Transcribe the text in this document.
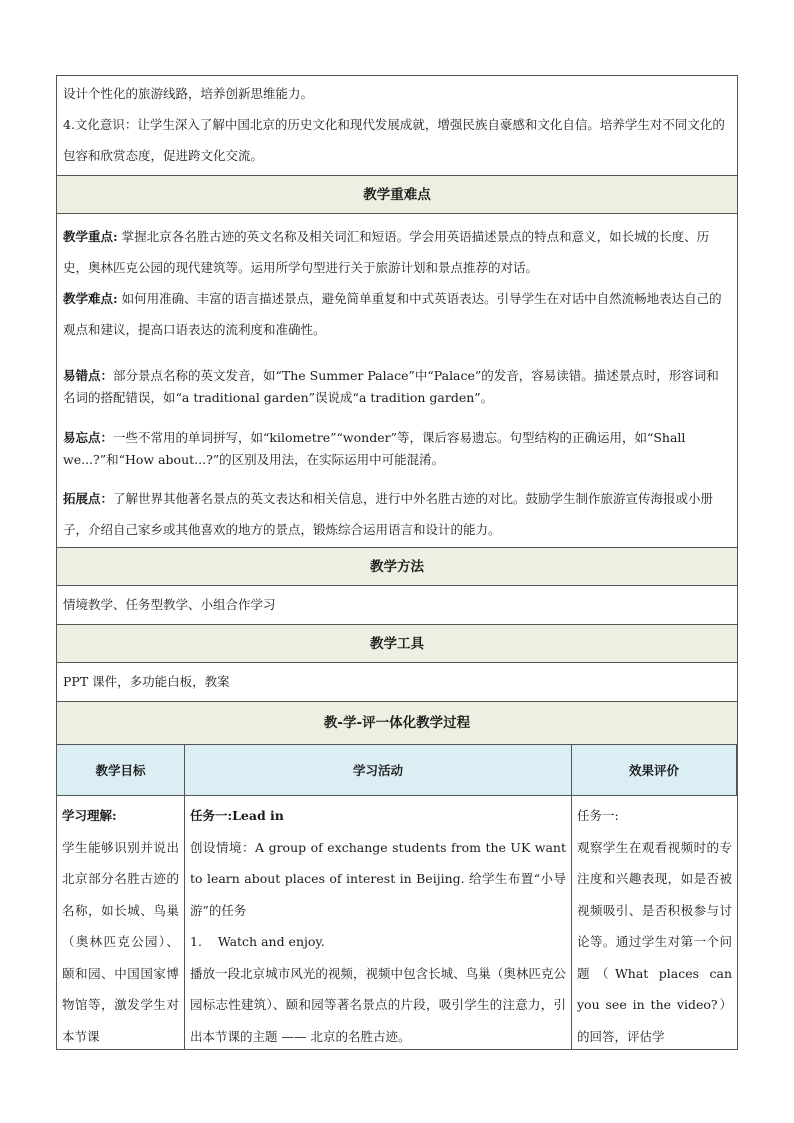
设计个性化的旅游线路，培养创新思维能力。

4.文化意识：让学生深入了解中国北京的历史文化和现代发展成就，增强民族自豪感和文化自信。培养学生对不同文化的包容和欣赏态度，促进跨文化交流。

教学重难点

教学重点: 掌握北京各名胜古迹的英文名称及相关词汇和短语。学会用英语描述景点的特点和意义，如长城的长度、历史，奥林匹克公园的现代建筑等。运用所学句型进行关于旅游计划和景点推荐的对话。

教学难点: 如何用准确、丰富的语言描述景点，避免简单重复和中式英语表达。引导学生在对话中自然流畅地表达自己的观点和建议，提高口语表达的流利度和准确性。

易错点：部分景点名称的英文发音，如“The Summer Palace”中“Palace”的发音，容易读错。描述景点时，形容词和名词的搭配错误，如“a traditional garden”误说成“a tradition garden”。

易忘点：一些不常用的单词拼写，如“kilometre”“wonder”等，课后容易遗忘。句型结构的正确运用，如“Shall we...?”和“How about...?”的区别及用法，在实际运用中可能混淆。

拓展点：了解世界其他著名景点的英文表达和相关信息，进行中外名胜古迹的对比。鼓励学生制作旅游宣传海报或小册子，介绍自己家乡或其他喜欢的地方的景点，锻炼综合运用语言和设计的能力。

教学方法
情境教学、任务型教学、小组合作学习
教学工具
PPT 课件，多功能白板，教案
教-学-评一体化教学过程
教学目标	学习活动	效果评价

学习理解:

学生能够识别并说出北京部分名胜古迹的名称，如长城、鸟巢（奥林匹克公园）、颐和园、中国国家博物馆等，激发学生对本节课

任务一:Lead in

创设情境：A group of exchange students from the UK want to learn about places of interest in Beijing. 给学生布置“小导游”的任务

1.    Watch and enjoy.

播放一段北京城市风光的视频，视频中包含长城、鸟巢（奥林匹克公园标志性建筑）、颐和园等著名景点的片段，吸引学生的注意力，引出本节课的主题 —— 北京的名胜古迹。

任务一:

观察学生在观看视频时的专注度和兴趣表现，如是否被视频吸引、是否积极参与讨论等。通过学生对第一个问题（What places can you see in the video?）的回答，评估学
